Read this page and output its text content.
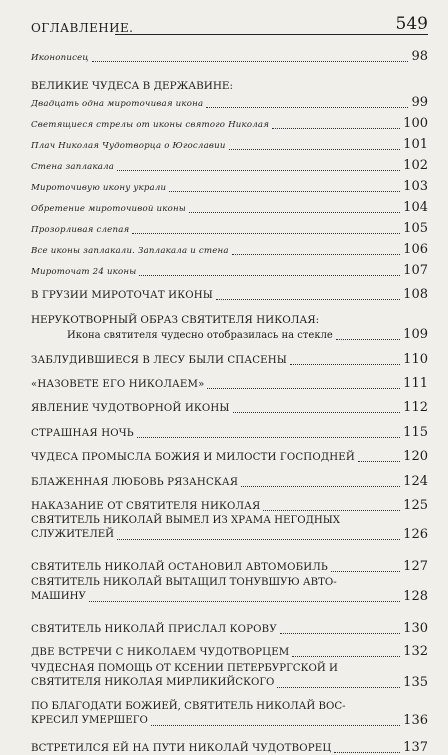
ОГЛАВЛЕНИЕ.	549
Иконописец	98
ВЕЛИКИЕ ЧУДЕСА В ДЕРЖАВИНЕ:
Двадцать одна мироточивая икона	99
Светящиеся стрелы от иконы святого Николая	100
Плач Николая Чудотворца о Югославии	101
Стена заплакала	102
Мироточивую икону украли	103
Обретение мироточивой иконы	104
Прозорливая слепая	105
Все иконы заплакали. Заплакала и стена	106
Мироточат 24 иконы	107
В ГРУЗИИ МИРОТОЧАТ ИКОНЫ	108
НЕРУКОТВОРНЫЙ ОБРАЗ СВЯТИТЕЛЯ НИКОЛАЯ:
Икона святителя чудесно отобразилась на стекле	109
ЗАБЛУДИВШИЕСЯ В ЛЕСУ БЫЛИ СПАСЕНЫ	110
«НАЗОВЕТЕ ЕГО НИКОЛАЕМ»	111
ЯВЛЕНИЕ ЧУДОТВОРНОЙ ИКОНЫ	112
СТРАШНАЯ НОЧЬ	115
ЧУДЕСА ПРОМЫСЛА БОЖИЯ И МИЛОСТИ ГОСПОДНЕЙ	120
БЛАЖЕННАЯ ЛЮБОВЬ РЯЗАНСКАЯ	124
НАКАЗАНИЕ ОТ СВЯТИТЕЛЯ НИКОЛАЯ	125
СВЯТИТЕЛЬ НИКОЛАЙ ВЫМЕЛ ИЗ ХРАМА НЕГОДНЫХ
СЛУЖИТЕЛЕЙ	126
СВЯТИТЕЛЬ НИКОЛАЙ ОСТАНОВИЛ АВТОМОБИЛЬ	127
СВЯТИТЕЛЬ НИКОЛАЙ ВЫТАЩИЛ ТОНУВШУЮ АВТО-
МАШИНУ	128
СВЯТИТЕЛЬ НИКОЛАЙ ПРИСЛАЛ КОРОВУ	130
ДВЕ ВСТРЕЧИ С НИКОЛАЕМ ЧУДОТВОРЦЕМ	132
ЧУДЕСНАЯ ПОМОЩЬ ОТ КСЕНИИ ПЕТЕРБУРГСКОЙ И
СВЯТИТЕЛЯ НИКОЛАЯ МИРЛИКИЙСКОГО	135
ПО БЛАГОДАТИ БОЖИЕЙ, СВЯТИТЕЛЬ НИКОЛАЙ ВОС-
КРЕСИЛ УМЕРШЕГО	136
ВСТРЕТИЛСЯ ЕЙ НА ПУТИ НИКОЛАЙ ЧУДОТВОРЕЦ	137
